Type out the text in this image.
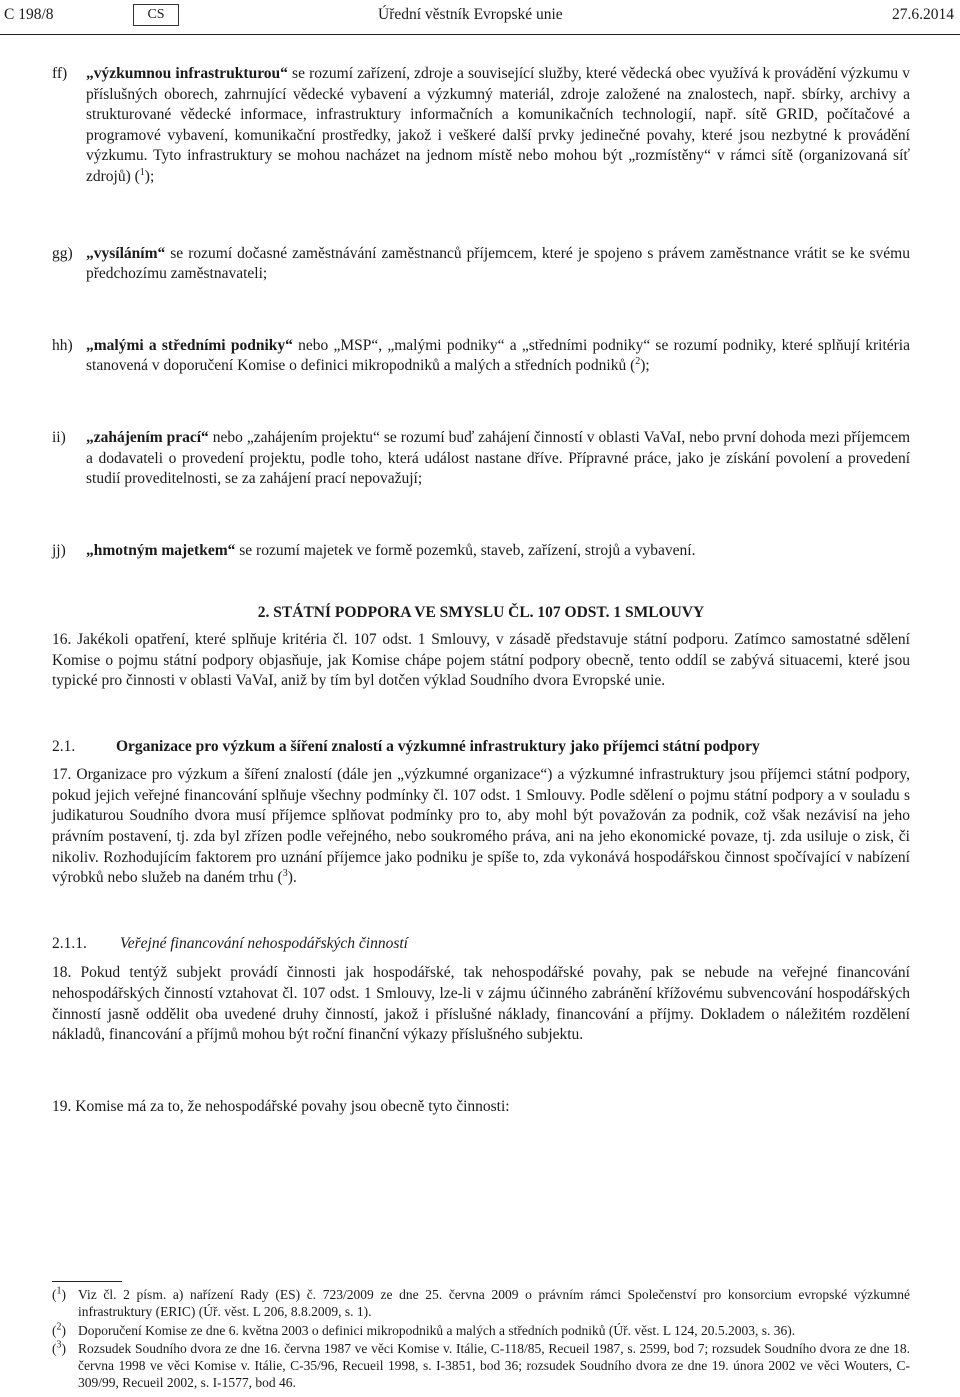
C 198/8	CS	Úřední věstník Evropské unie	27.6.2014
ff) „výzkumnou infrastrukturou“ se rozumí zařízení, zdroje a související služby, které vědecká obec využívá k provádění výzkumu v příslušných oborech, zahrnující vědecké vybavení a výzkumný materiál, zdroje založené na znalostech, např. sbírky, archivy a strukturované vědecké informace, infrastruktury informačních a komunikačních technologií, např. sítě GRID, počítačové a programové vybavení, komunikační prostředky, jakož i veškeré další prvky jedinečné povahy, které jsou nezbytné k provádění výzkumu. Tyto infrastruktury se mohou nacházet na jednom místě nebo mohou být „rozmístěny“ v rámci sítě (organizovaná síť zdrojů) ($^1$);
gg) „vysíláním“ se rozumí dočasné zaměstnávání zaměstnanců příjemcem, které je spojeno s právem zaměstnance vrátit se ke svému předchozímu zaměstnavateli;
hh) „malými a středními podniky“ nebo „MSP“, „malými podniky“ a „středními podniky“ se rozumí podniky, které splňují kritéria stanovená v doporučení Komise o definici mikropodniků a malých a středních podniků ($^2$);
ii) „zahájením prací“ nebo „zahájením projektu“ se rozumí buď zahájení činností v oblasti VaVaI, nebo první dohoda mezi příjemcem a dodavateli o provedení projektu, podle toho, která událost nastane dříve. Přípravné práce, jako je získání povolení a provedení studií proveditelnosti, se za zahájení prací nepovažují;
jj) „hmotným majetkem“ se rozumí majetek ve formě pozemků, staveb, zařízení, strojů a vybavení.
2. STÁTNÍ PODPORA VE SMYSLU ČL. 107 ODST. 1 SMLOUVY
16. Jakékoli opatření, které splňuje kritéria čl. 107 odst. 1 Smlouvy, v zásadě představuje státní podporu. Zatímco samostatné sdělení Komise o pojmu státní podpory objasňuje, jak Komise chápe pojem státní podpory obecně, tento oddíl se zabývá situacemi, které jsou typické pro činnosti v oblasti VaVaI, aniž by tím byl dotčen výklad Soudního dvora Evropské unie.
2.1.	Organizace pro výzkum a šíření znalostí a výzkumné infrastruktury jako příjemci státní podpory
17. Organizace pro výzkum a šíření znalostí (dále jen „výzkumné organizace“) a výzkumné infrastruktury jsou příjemci státní podpory, pokud jejich veřejné financování splňuje všechny podmínky čl. 107 odst. 1 Smlouvy. Podle sdělení o pojmu státní podpory a v souladu s judikaturou Soudního dvora musí příjemce splňovat podmínky pro to, aby mohl být považován za podnik, což však nezávisí na jeho právním postavení, tj. zda byl zřízen podle veřejného, nebo soukromého práva, ani na jeho ekonomické povaze, tj. zda usiluje o zisk, či nikoliv. Rozhodujícím faktorem pro uznání příjemce jako podniku je spíše to, zda vykonává hospodářskou činnost spočívající v nabízení výrobků nebo služeb na daném trhu ($^3$).
2.1.1. Veřejné financování nehospodářských činností
18. Pokud tentýž subjekt provádí činnosti jak hospodářské, tak nehospodářské povahy, pak se nebude na veřejné financování nehospodářských činností vztahovat čl. 107 odst. 1 Smlouvy, lze-li v zájmu účinného zabránění křížovému subvencování hospodářských činností jasně oddělit oba uvedené druhy činností, jakož i příslušné náklady, financování a příjmy. Dokladem o náležitém rozdělení nákladů, financování a příjmů mohou být roční finanční výkazy příslušného subjektu.
19. Komise má za to, že nehospodářské povahy jsou obecně tyto činnosti:
($^1$) Viz čl. 2 písm. a) nařízení Rady (ES) č. 723/2009 ze dne 25. června 2009 o právním rámci Společenství pro konsorcium evropské výzkumné infrastruktury (ERIC) (Úř. věst. L 206, 8.8.2009, s. 1).
($^2$) Doporučení Komise ze dne 6. května 2003 o definici mikropodniků a malých a středních podniků (Úř. věst. L 124, 20.5.2003, s. 36).
($^3$) Rozsudek Soudního dvora ze dne 16. června 1987 ve věci Komise v. Itálie, C-118/85, Recueil 1987, s. 2599, bod 7; rozsudek Soudního dvora ze dne 18. června 1998 ve věci Komise v. Itálie, C-35/96, Recueil 1998, s. I-3851, bod 36; rozsudek Soudního dvora ze dne 19. února 2002 ve věci Wouters, C-309/99, Recueil 2002, s. I-1577, bod 46.
